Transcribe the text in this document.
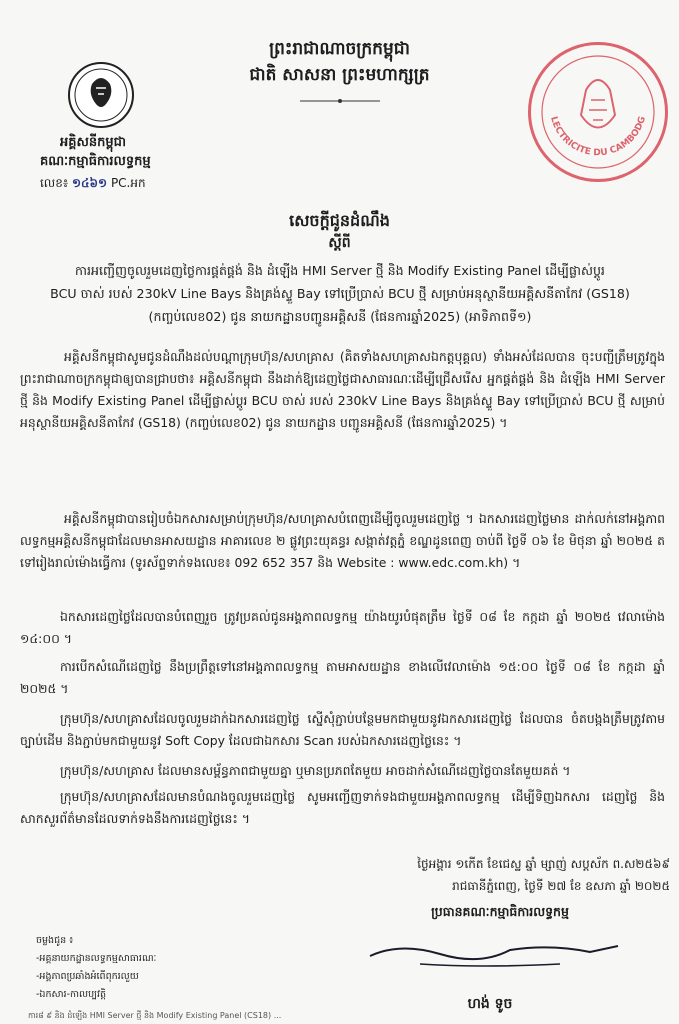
ព្រះរាជាណាចក្រកម្ពុជា
ជាតិ សាសនា ព្រះមហាក្សត្រ
អគ្គិសនីកម្ពុជា
គណៈកម្មាធិការលទ្ធកម្ម
លេខ៖ ១៤៦១ PC.អក
LECTRICITE DU CAMBODG
សេចក្តីជូនដំណឹង
ស្តីពី
ការអញ្ជើញចូលរួមដេញថ្លៃការផ្គត់ផ្គង់ និង ដំឡើង HMI Server ថ្មី និង Modify Existing Panel ដើម្បីផ្លាស់ប្តូរ
BCU ចាស់ របស់ 230kV Line Bays និងគ្រង់ស្ទួ Bay ទៅប្រើប្រាស់ BCU ថ្មី សម្រាប់អនុស្ថានីយអគ្គិសនីតាកែវ (GS18)
(កញ្ចប់លេខ02) ជូន នាយកដ្ឋានបញ្ជូនអគ្គិសនី (ផែនការឆ្នាំ2025) (អាទិភាពទី១)
អគ្គិសនីកម្ពុជាសូមជូនដំណឹងដល់បណ្តាក្រុមហ៊ុន/សហគ្រាស (គិតទាំងសហគ្រាសឯកត្តបុគ្គល) ទាំងអស់ដែលបាន ចុះបញ្ជីត្រឹមត្រូវក្នុងព្រះរាជាណាចក្រកម្ពុជាឲ្យបានជ្រាបថា៖ អគ្គិសនីកម្ពុជា នឹងដាក់ឱ្យដេញថ្លៃជាសាធារណៈដើម្បីជ្រើសរើស អ្នកផ្គត់ផ្គង់ និង ដំឡើង HMI Server ថ្មី និង Modify Existing Panel ដើម្បីផ្លាស់ប្តូរ BCU ចាស់ របស់ 230kV Line Bays និងគ្រង់ស្ទួ Bay ទៅប្រើប្រាស់ BCU ថ្មី សម្រាប់អនុស្ថានីយអគ្គិសនីតាកែវ (GS18) (កញ្ចប់លេខ02) ជូន នាយកដ្ឋាន បញ្ជូនអគ្គិសនី (ផែនការឆ្នាំ2025) ។
អគ្គិសនីកម្ពុជាបានរៀបចំឯកសារសម្រាប់ក្រុមហ៊ុន/សហគ្រាសបំពេញដើម្បីចូលរួមដេញថ្លៃ ។ ឯកសារដេញថ្លៃមាន ដាក់លក់នៅអង្គភាពលទ្ធកម្មអគ្គិសនីកម្ពុជាដែលមានអាសយដ្ឋាន អាគារលេខ ២ ផ្លូវព្រះយុគន្ធរ សង្កាត់វត្តភ្នំ ខណ្ឌដូនពេញ ចាប់ពី ថ្ងៃទី ០៦ ខែ មិថុនា ឆ្នាំ ២០២៥ តទៅរៀងរាល់ម៉ោងធ្វើការ (ទូរស័ព្ទទាក់ទងលេខ៖ 092 652 357 និង Website : www.edc.com.kh) ។
ឯកសារដេញថ្លៃដែលបានបំពេញរួច ត្រូវប្រគល់ជូនអង្គភាពលទ្ធកម្ម យ៉ាងយូរបំផុតត្រឹម ថ្ងៃទី ០៨ ខែ កក្កដា ឆ្នាំ ២០២៥ វេលាម៉ោង ១៤:០០ ។
ការបើកសំណើដេញថ្លៃ នឹងប្រព្រឹត្តទៅនៅអង្គភាពលទ្ធកម្ម តាមអាសយដ្ឋាន ខាងលើវេលាម៉ោង ១៥:០០ ថ្ងៃទី ០៨ ខែ កក្កដា ឆ្នាំ ២០២៥ ។
ក្រុមហ៊ុន/សហគ្រាសដែលចូលរួមដាក់ឯកសារដេញថ្លៃ ស្នើសុំភ្ជាប់បន្ថែមមកជាមួយនូវឯកសារដេញថ្លៃ ដែលបាន ចំតបង្កងត្រឹមត្រូវតាមច្បាប់ដើម និងភ្ជាប់មកជាមួយនូវ Soft Copy ដែលជាឯកសារ Scan របស់ឯកសារដេញថ្លៃនេះ ។
ក្រុមហ៊ុន/សហគ្រាស ដែលមានសម្ព័ន្ធភាពជាមួយគ្នា ឬមានប្រភពតែមួយ អាចដាក់សំណើដេញថ្លៃបានតែមួយគត់ ។
ក្រុមហ៊ុន/សហគ្រាសដែលមានបំណងចូលរួមដេញថ្លៃ សូមអញ្ជើញទាក់ទងជាមួយអង្គភាពលទ្ធកម្ម ដើម្បីទិញឯកសារ ដេញថ្លៃ និងសាកសួរព័ត៌មានដែលទាក់ទងនឹងការដេញថ្លៃនេះ ។
ថ្ងៃអង្គារ ១កើត ខែជេស្ឋ ឆ្នាំ ម្សាញ់ សប្តស័ក ព.ស២៥៦៩
រាជធានីភ្នំពេញ, ថ្ងៃទី ២៧ ខែ ឧសភា ឆ្នាំ ២០២៥
ប្រធានគណៈកម្មាធិការលទ្ធកម្ម
ហង់ ទូច
ចម្លងជូន ៖
-អគ្គនាយកដ្ឋានលទ្ធកម្មសាធារណៈ
-អង្គភាពប្រឆាំងអំពើពុករលួយ
-ឯកសារ-កាលប្បវត្តិ
ការ៨ ៩ និង ដំឡើង HMI Server ថ្មី និង Modify Existing Panel (CS18) ...
